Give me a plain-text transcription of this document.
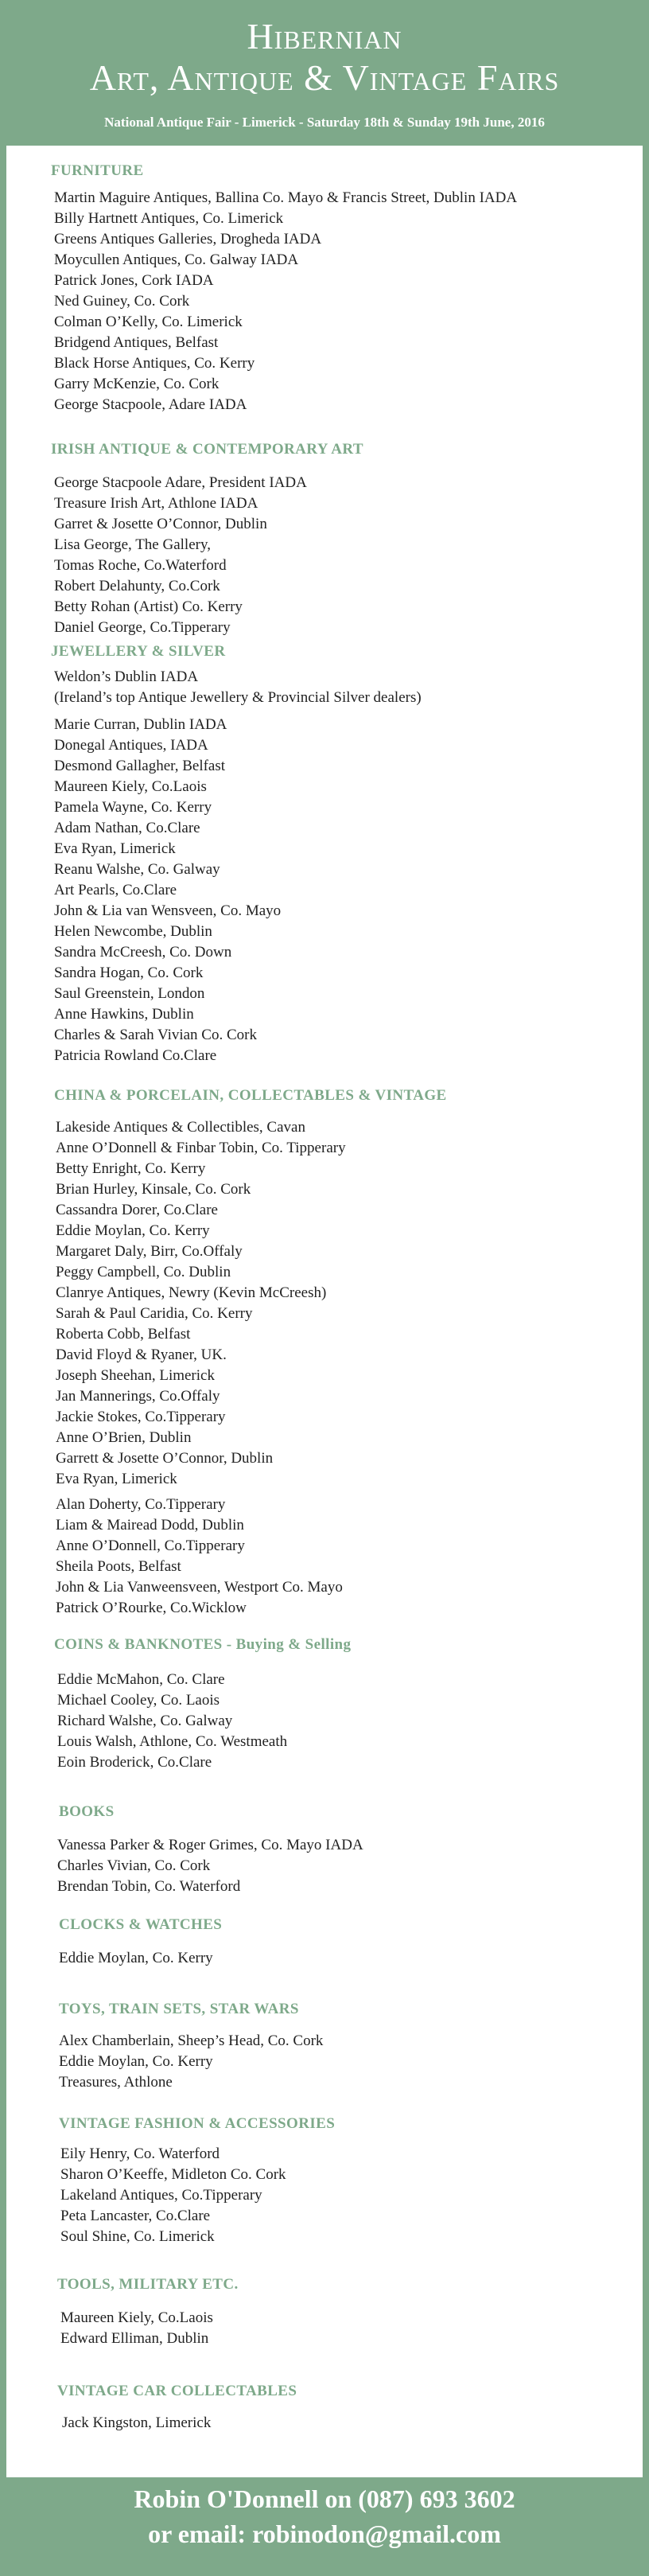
Hibernian
Art, Antique & Vintage Fairs
National Antique Fair - Limerick - Saturday 18th & Sunday 19th June, 2016
FURNITURE
Martin Maguire Antiques, Ballina Co. Mayo & Francis Street, Dublin IADA
Billy Hartnett Antiques, Co. Limerick
Greens Antiques Galleries, Drogheda IADA
Moycullen Antiques, Co. Galway IADA
Patrick Jones, Cork IADA
Ned Guiney, Co. Cork
Colman O’Kelly, Co. Limerick
Bridgend Antiques, Belfast
Black Horse Antiques, Co. Kerry
Garry McKenzie, Co. Cork
George Stacpoole, Adare IADA
IRISH ANTIQUE & CONTEMPORARY ART
George Stacpoole Adare, President IADA
Treasure Irish Art, Athlone IADA
Garret & Josette O’Connor, Dublin
Lisa George, The Gallery,
Tomas Roche, Co.Waterford
Robert Delahunty, Co.Cork
Betty Rohan (Artist) Co. Kerry
Daniel George, Co.Tipperary
JEWELLERY & SILVER
Weldon’s Dublin IADA
(Ireland’s top Antique Jewellery & Provincial Silver dealers)
Marie Curran, Dublin IADA
Donegal Antiques, IADA
Desmond Gallagher, Belfast
Maureen Kiely, Co.Laois
Pamela Wayne, Co. Kerry
Adam Nathan, Co.Clare
Eva Ryan, Limerick
Reanu Walshe, Co. Galway
Art Pearls, Co.Clare
John & Lia van Wensveen, Co. Mayo
Helen Newcombe, Dublin
Sandra McCreesh, Co. Down
Sandra Hogan, Co. Cork
Saul Greenstein, London
Anne Hawkins, Dublin
Charles & Sarah Vivian Co. Cork
Patricia Rowland Co.Clare
CHINA & PORCELAIN, COLLECTABLES & VINTAGE
Lakeside Antiques & Collectibles, Cavan
Anne O’Donnell & Finbar Tobin, Co. Tipperary
Betty Enright, Co. Kerry
Brian Hurley, Kinsale, Co. Cork
Cassandra Dorer, Co.Clare
Eddie Moylan, Co. Kerry
Margaret Daly, Birr, Co.Offaly
Peggy Campbell, Co. Dublin
Clanrye Antiques, Newry (Kevin McCreesh)
Sarah & Paul Caridia, Co. Kerry
Roberta Cobb, Belfast
David Floyd & Ryaner, UK.
Joseph Sheehan, Limerick
Jan Mannerings, Co.Offaly
Jackie Stokes, Co.Tipperary
Anne O’Brien, Dublin
Garrett & Josette O’Connor, Dublin
Eva Ryan, Limerick
Alan Doherty, Co.Tipperary
Liam & Mairead Dodd, Dublin
Anne O’Donnell, Co.Tipperary
Sheila Poots, Belfast
John & Lia Vanweensveen, Westport Co. Mayo
Patrick O’Rourke, Co.Wicklow
COINS & BANKNOTES - Buying & Selling
Eddie McMahon, Co. Clare
Michael Cooley, Co. Laois
Richard Walshe, Co. Galway
Louis Walsh, Athlone, Co. Westmeath
Eoin Broderick, Co.Clare
BOOKS
Vanessa Parker & Roger Grimes, Co. Mayo IADA
Charles Vivian, Co. Cork
Brendan Tobin, Co. Waterford
CLOCKS & WATCHES
Eddie Moylan, Co. Kerry
TOYS, TRAIN SETS, STAR WARS
Alex Chamberlain, Sheep’s Head, Co. Cork
Eddie Moylan, Co. Kerry
Treasures, Athlone
VINTAGE FASHION & ACCESSORIES
Eily Henry, Co. Waterford
Sharon O’Keeffe, Midleton Co. Cork
Lakeland Antiques, Co.Tipperary
Peta Lancaster, Co.Clare
Soul Shine, Co. Limerick
TOOLS, MILITARY ETC.
Maureen Kiely, Co.Laois
Edward Elliman, Dublin
VINTAGE CAR COLLECTABLES
Jack Kingston, Limerick
Robin O'Donnell on (087) 693 3602
or email: robinodon@gmail.com
